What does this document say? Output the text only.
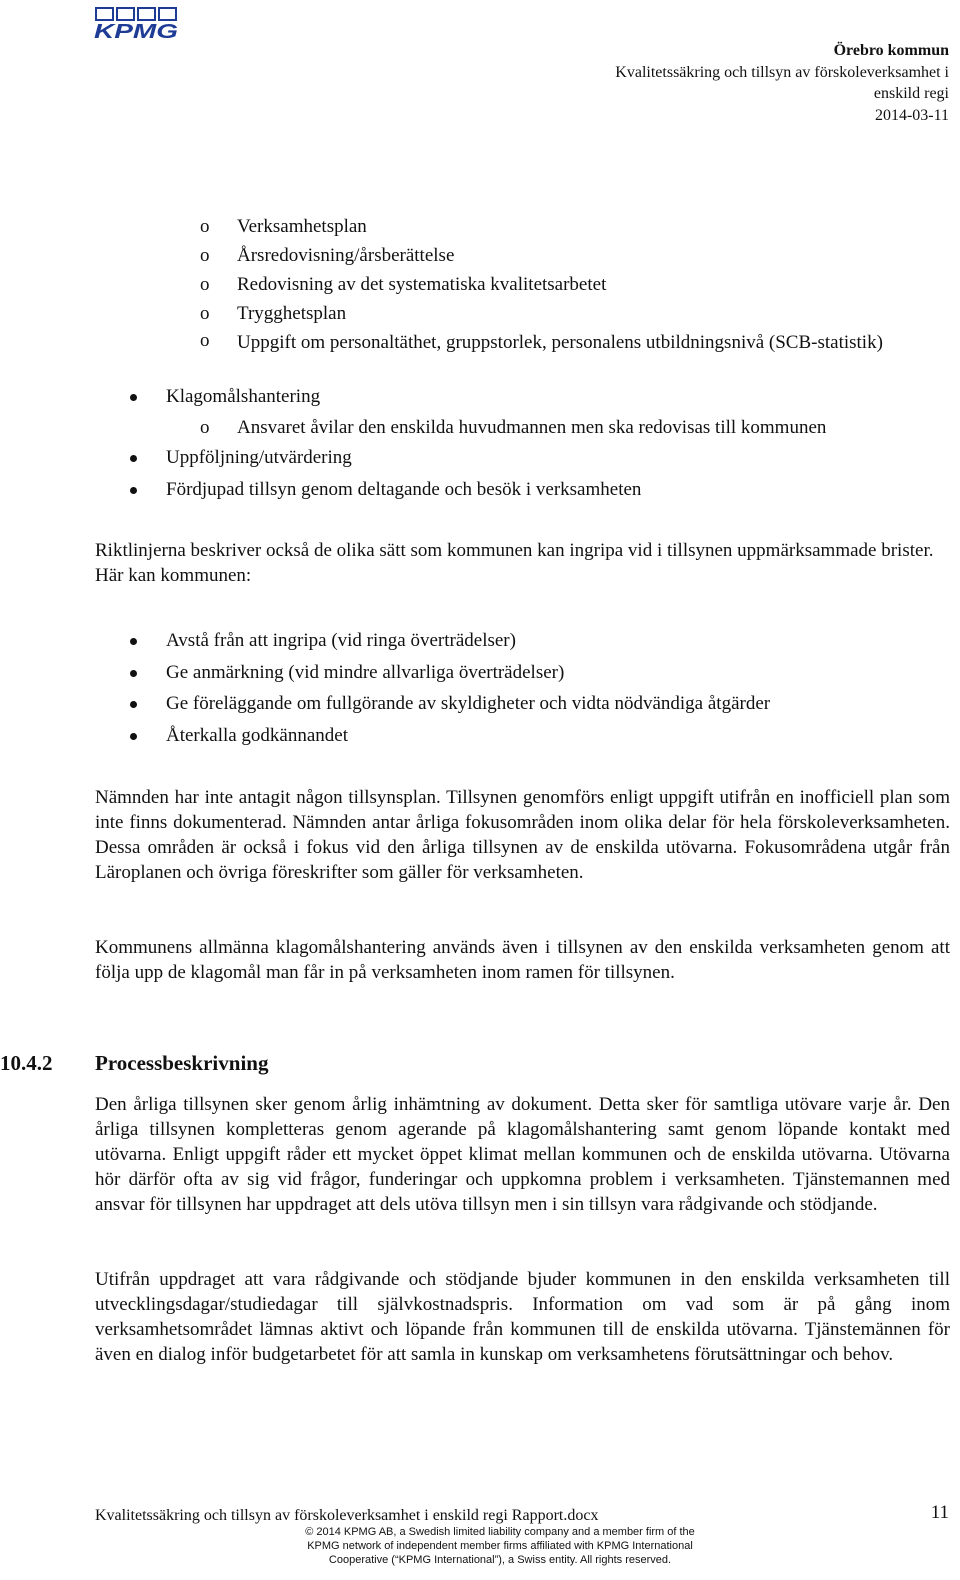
KPMG
Örebro kommun
Kvalitetssäkring och tillsyn av förskoleverksamhet i
enskild regi
2014-03-11
o Verksamhetsplan
o Årsredovisning/årsberättelse
o Redovisning av det systematiska kvalitetsarbetet
o Trygghetsplan
o Uppgift om personaltäthet, gruppstorlek, personalens utbildningsnivå (SCB-statistik)
Klagomålshantering
o Ansvaret åvilar den enskilda huvudmannen men ska redovisas till kommunen
Uppföljning/utvärdering
Fördjupad tillsyn genom deltagande och besök i verksamheten

Riktlinjerna beskriver också de olika sätt som kommunen kan ingripa vid i tillsynen uppmärksammade brister. Här kan kommunen:

Avstå från att ingripa (vid ringa överträdelser)
Ge anmärkning (vid mindre allvarliga överträdelser)
Ge föreläggande om fullgörande av skyldigheter och vidta nödvändiga åtgärder
Återkalla godkännandet

Nämnden har inte antagit någon tillsynsplan. Tillsynen genomförs enligt uppgift utifrån en inofficiell plan som inte finns dokumenterad. Nämnden antar årliga fokusområden inom olika delar för hela förskoleverksamheten. Dessa områden är också i fokus vid den årliga tillsynen av de enskilda utövarna. Fokusområdena utgår från Läroplanen och övriga föreskrifter som gäller för verksamheten.

Kommunens allmänna klagomålshantering används även i tillsynen av den enskilda verksamheten genom att följa upp de klagomål man får in på verksamheten inom ramen för tillsynen.

10.4.2 Processbeskrivning

Den årliga tillsynen sker genom årlig inhämtning av dokument. Detta sker för samtliga utövare varje år. Den årliga tillsynen kompletteras genom agerande på klagomålshantering samt genom löpande kontakt med utövarna. Enligt uppgift råder ett mycket öppet klimat mellan kommunen och de enskilda utövarna. Utövarna hör därför ofta av sig vid frågor, funderingar och uppkomna problem i verksamheten. Tjänstemannen med ansvar för tillsynen har uppdraget att dels utöva tillsyn men i sin tillsyn vara rådgivande och stödjande.

Utifrån uppdraget att vara rådgivande och stödjande bjuder kommunen in den enskilda verksamheten till utvecklingsdagar/studiedagar till självkostnadspris. Information om vad som är på gång inom verksamhetsområdet lämnas aktivt och löpande från kommunen till de enskilda utövarna. Tjänstemännen för även en dialog inför budgetarbetet för att samla in kunskap om verksamhetens förutsättningar och behov.

Kvalitetssäkring och tillsyn av förskoleverksamhet i enskild regi Rapport.docx	11
© 2014 KPMG AB, a Swedish limited liability company and a member firm of the
KPMG network of independent member firms affiliated with KPMG International
Cooperative (“KPMG International”), a Swiss entity. All rights reserved.
